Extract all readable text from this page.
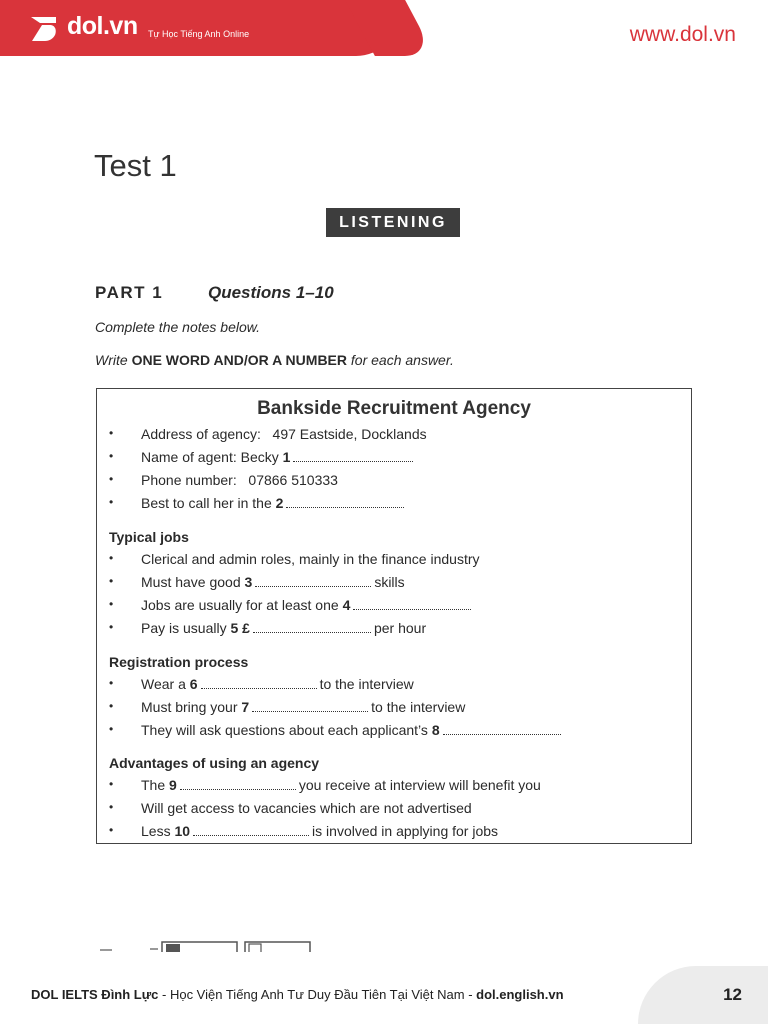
dol.vn Tự Học Tiếng Anh Online	www.dol.vn
Test 1
LISTENING
PART 1	Questions 1–10
Complete the notes below.
Write ONE WORD AND/OR A NUMBER for each answer.
Bankside Recruitment Agency
• Address of agency: 497 Eastside, Docklands
• Name of agent: Becky 1
• Phone number: 07866 510333
• Best to call her in the 2
Typical jobs
• Clerical and admin roles, mainly in the finance industry
• Must have good 3	skills
• Jobs are usually for at least one 4
• Pay is usually 5 £	per hour
Registration process
• Wear a 6	to the interview
• Must bring your 7	to the interview
• They will ask questions about each applicant’s 8
Advantages of using an agency
• The 9	you receive at interview will benefit you
• Will get access to vacancies which are not advertised
• Less 10	is involved in applying for jobs
DOL IELTS Đình Lực - Học Viện Tiếng Anh Tư Duy Đầu Tiên Tại Việt Nam - dol.english.vn	12
